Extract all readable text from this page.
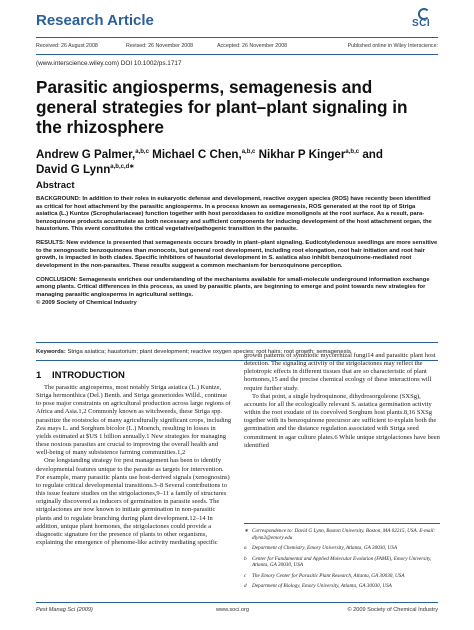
Research Article	SCI
Received: 26 August 2008	Revised: 26 November 2008	Accepted: 26 November 2008	Published online in Wiley Interscience:
(www.interscience.wiley.com) DOI 10.1002/ps.1717
Parasitic angiosperms, semagenesis and
general strategies for plant–plant signaling in
the rhizosphere
Andrew G Palmer,$^{a,b,c}$ Michael C Chen,$^{a,b,c}$ Nikhar P Kinger$^{a,b,c}$ and
David G Lynn$^{a,b,c,d∗}$
Abstract

BACKGROUND: In addition to their roles in eukaryotic defense and development, reactive oxygen species (ROS) have recently been identified as critical for host attachment by the parasitic angiosperms. In a process known as semagenesis, ROS generated at the root tip of Striga asiatica (L.) Kuntze (Scrophulariaceae) function together with host peroxidases to oxidize monolignols at the root surface. As a result, para-benzoquinone products accumulate as both necessary and sufficient components for inducing development of the host attachment organ, the haustorium. This event constitutes the critical vegetative/pathogenic transition in the parasite.

RESULTS: New evidence is presented that semagenesis occurs broadly in plant–plant signaling. Eudicotyledenous seedlings are more sensitive to the xenognostic benzoquinones than monocots, but general root development, including root elongation, root hair initiation and root hair growth, is impacted in both clades. Specific inhibitors of haustorial development in S. asiatica also inhibit benzoquinone-mediated root development in the non-parasites. These results suggest a common mechanism for benzoquinone perception.

CONCLUSION: Semagenesis enriches our understanding of the mechanisms available for small-molecule underground information exchange among plants. Critical differences in this process, as used by parasitic plants, are beginning to emerge and point towards new strategies for managing parasitic angiosperms in agricultural settings.

© 2009 Society of Chemical Industry

Keywords: Striga asiatica; haustorium; plant development; reactive oxygen species; root hairs; root growth; semagenesis
1 INTRODUCTION

The parasitic angiosperms, most notably Striga asiatica (L.) Kuntze, Striga hermonthica (Del.) Benth. and Striga gesnerioides Willd., continue to pose major constraints on agricultural production across large regions of Africa and Asia.1,2 Commonly known as witchweeds, these Striga spp. parasitize the rootstocks of many agriculturally significant crops, including Zea mays L. and Sorghum bicolor (L.) Moench, resulting in losses in yields estimated at $US 1 billion annually.1 New strategies for managing these noxious parasites are crucial to improving the overall health and well-being of many subsistence farming communities.1,2

One longstanding strategy for pest management has been to identify developmental features unique to the parasite as targets for intervention. For example, many parasitic plants use host-derived signals (xenognosins) to regulate critical developmental transitions.3–8 Several contributions to this issue feature studies on the strigolactones,9–11 a family of structures originally discovered as inducers of germination in parasite seeds. The strigolactones are now known to initiate germination in non-parasitic plants and to regulate branching during plant development.12–14 In addition, unique plant hormones, the strigolactones could provide a diagnostic signature for the presence of plants to other organisms, explaining the emergence of phenome-like activity mediating specific

growth patterns of symbiotic mycorrhizal fungi14 and parasitic plant host detection. The signaling activity of the strigolactones may reflect the pleiotropic effects in different tissues that are so characteristic of plant hormones,15 and the precise chemical ecology of these interactions will require further study.

To that point, a single hydroquinone, dihydrosorgoleone (SXSg), accounts for all the ecologically relevant S. asiatica germination activity within the root exudate of its coevolved Sorghum host plants.8,16 SXSg together with its benzoquinone precursor are sufficient to explain both the germination and the distance regulation associated with Striga seed commitment in agar culture plates.6 While unique strigolactones have been identified

∗ Correspondence to: David G Lynn, Boston University, Boston, MA 02215, USA. E-mail: dlynn2@emory.edu
a	Department of Chemistry, Emory University, Atlanta, GA 30030, USA
b	Center for Fundamental and Applied Molecular Evolution (FAME), Emory University, Atlanta, GA 30030, USA
c	The Emory Center for Parasitic Plant Research, Atlanta, GA 30030, USA
d	Department of Biology, Emory University, Atlanta, GA 30030, USA
Pest Manag Sci (2009)	www.soci.org	© 2009 Society of Chemical Industry
